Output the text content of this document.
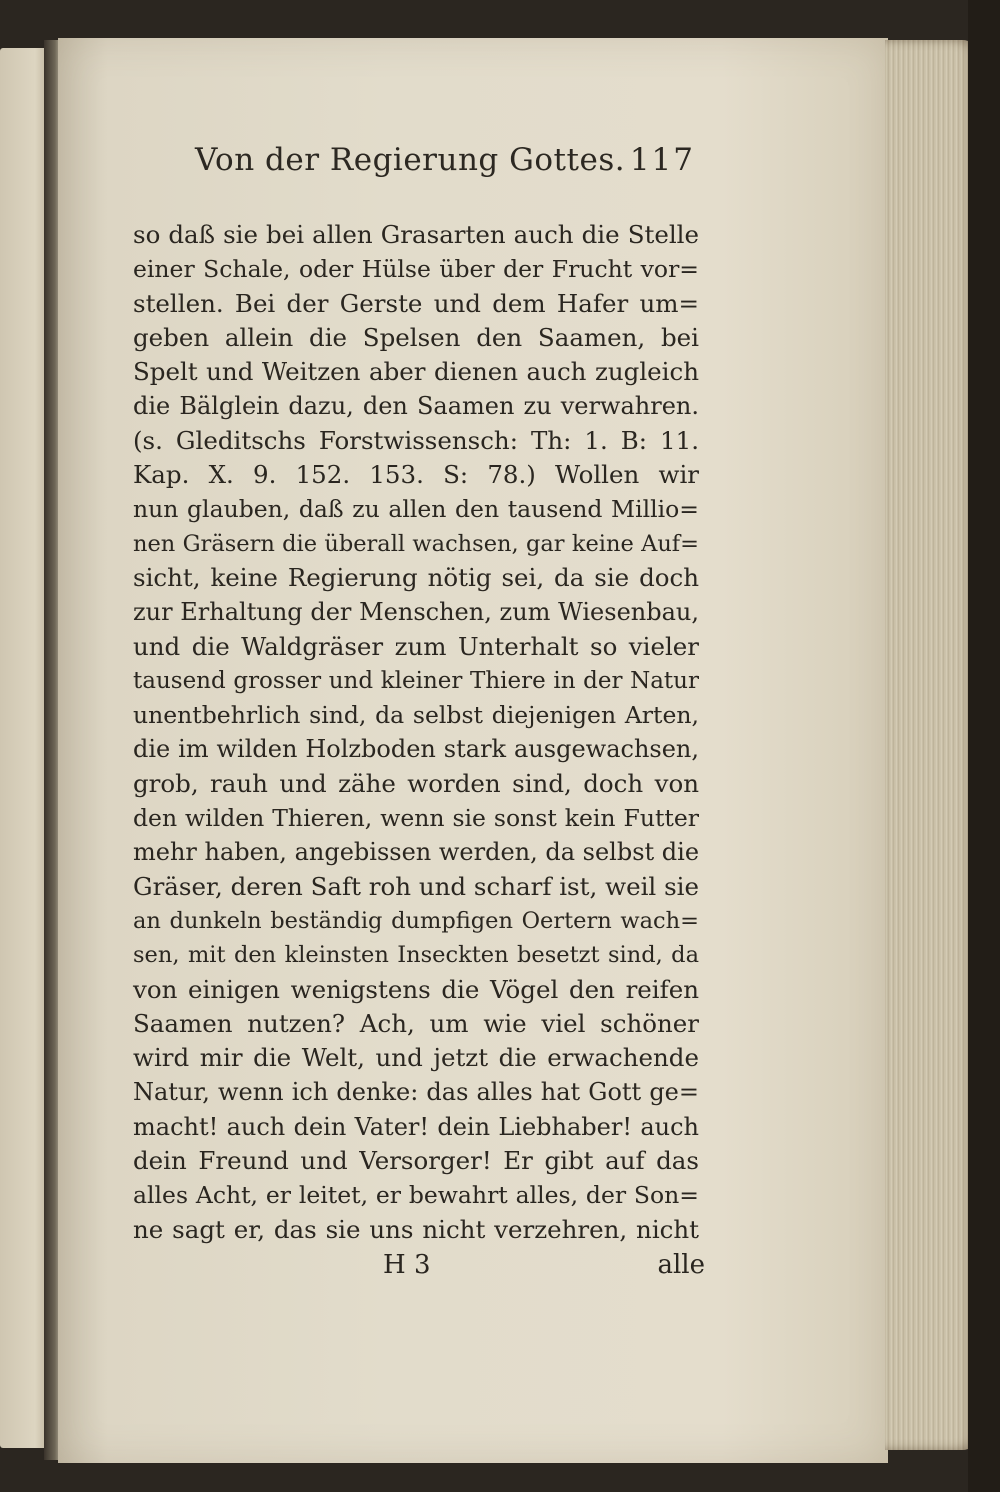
Von der Regierung Gottes. 117
so daß sie bei allen Grasarten auch die Stelle
einer Schale, oder Hülse über der Frucht vor=
stellen. Bei der Gerste und dem Hafer um=
geben allein die Spelsen den Saamen, bei
Spelt und Weitzen aber dienen auch zugleich
die Bälglein dazu, den Saamen zu verwahren.
(s. Gleditschs Forstwissensch: Th: 1. B: 11.
Kap. X. 9. 152. 153. S: 78.) Wollen wir
nun glauben, daß zu allen den tausend Millio=
nen Gräsern die überall wachsen, gar keine Auf=
sicht, keine Regierung nötig sei, da sie doch
zur Erhaltung der Menschen, zum Wiesenbau,
und die Waldgräser zum Unterhalt so vieler
tausend grosser und kleiner Thiere in der Natur
unentbehrlich sind, da selbst diejenigen Arten,
die im wilden Holzboden stark ausgewachsen,
grob, rauh und zähe worden sind, doch von
den wilden Thieren, wenn sie sonst kein Futter
mehr haben, angebissen werden, da selbst die
Gräser, deren Saft roh und scharf ist, weil sie
an dunkeln beständig dumpfigen Oertern wach=
sen, mit den kleinsten Inseckten besetzt sind, da
von einigen wenigstens die Vögel den reifen
Saamen nutzen? Ach, um wie viel schöner
wird mir die Welt, und jetzt die erwachende
Natur, wenn ich denke: das alles hat Gott ge=
macht! auch dein Vater! dein Liebhaber! auch
dein Freund und Versorger! Er gibt auf das
alles Acht, er leitet, er bewahrt alles, der Son=
ne sagt er, das sie uns nicht verzehren, nicht
H 3	alle
